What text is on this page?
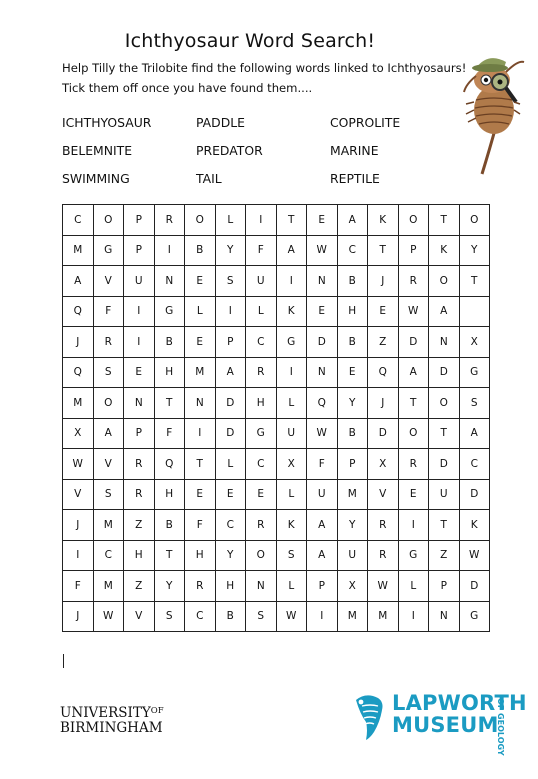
Ichthyosaur Word Search!
Help Tilly the Trilobite find the following words linked to Ichthyosaurs!
Tick them off once you have found them....
ICHTHYOSAUR	PADDLE	COPROLITE
BELEMNITE	PREDATOR	MARINE
SWIMMING	TAIL	REPTILE
C	O	P	R	O	L	I	T	E	A	K	O	T	O
M	G	P	I	B	Y	F	A	W	C	T	P	K	Y
A	V	U	N	E	S	U	I	N	B	J	R	O	T
Q	F	I	G	L	I	L	K	E	H	E	W	A	
J	R	I	B	E	P	C	G	D	B	Z	D	N	X
Q	S	E	H	M	A	R	I	N	E	Q	A	D	G
M	O	N	T	N	D	H	L	Q	Y	J	T	O	S
X	A	P	F	I	D	G	U	W	B	D	O	T	A
W	V	R	Q	T	L	C	X	F	P	X	R	D	C
V	S	R	H	E	E	E	L	U	M	V	E	U	D
J	M	Z	B	F	C	R	K	A	Y	R	I	T	K
I	C	H	T	H	Y	O	S	A	U	R	G	Z	W
F	M	Z	Y	R	H	N	L	P	X	W	L	P	D
J	W	V	S	C	B	S	W	I	M	M	I	N	G
$UNIVERSITY^{OF}$
BIRMINGHAM
LAPWORTH
MUSEUM
OF GEOLOGY
